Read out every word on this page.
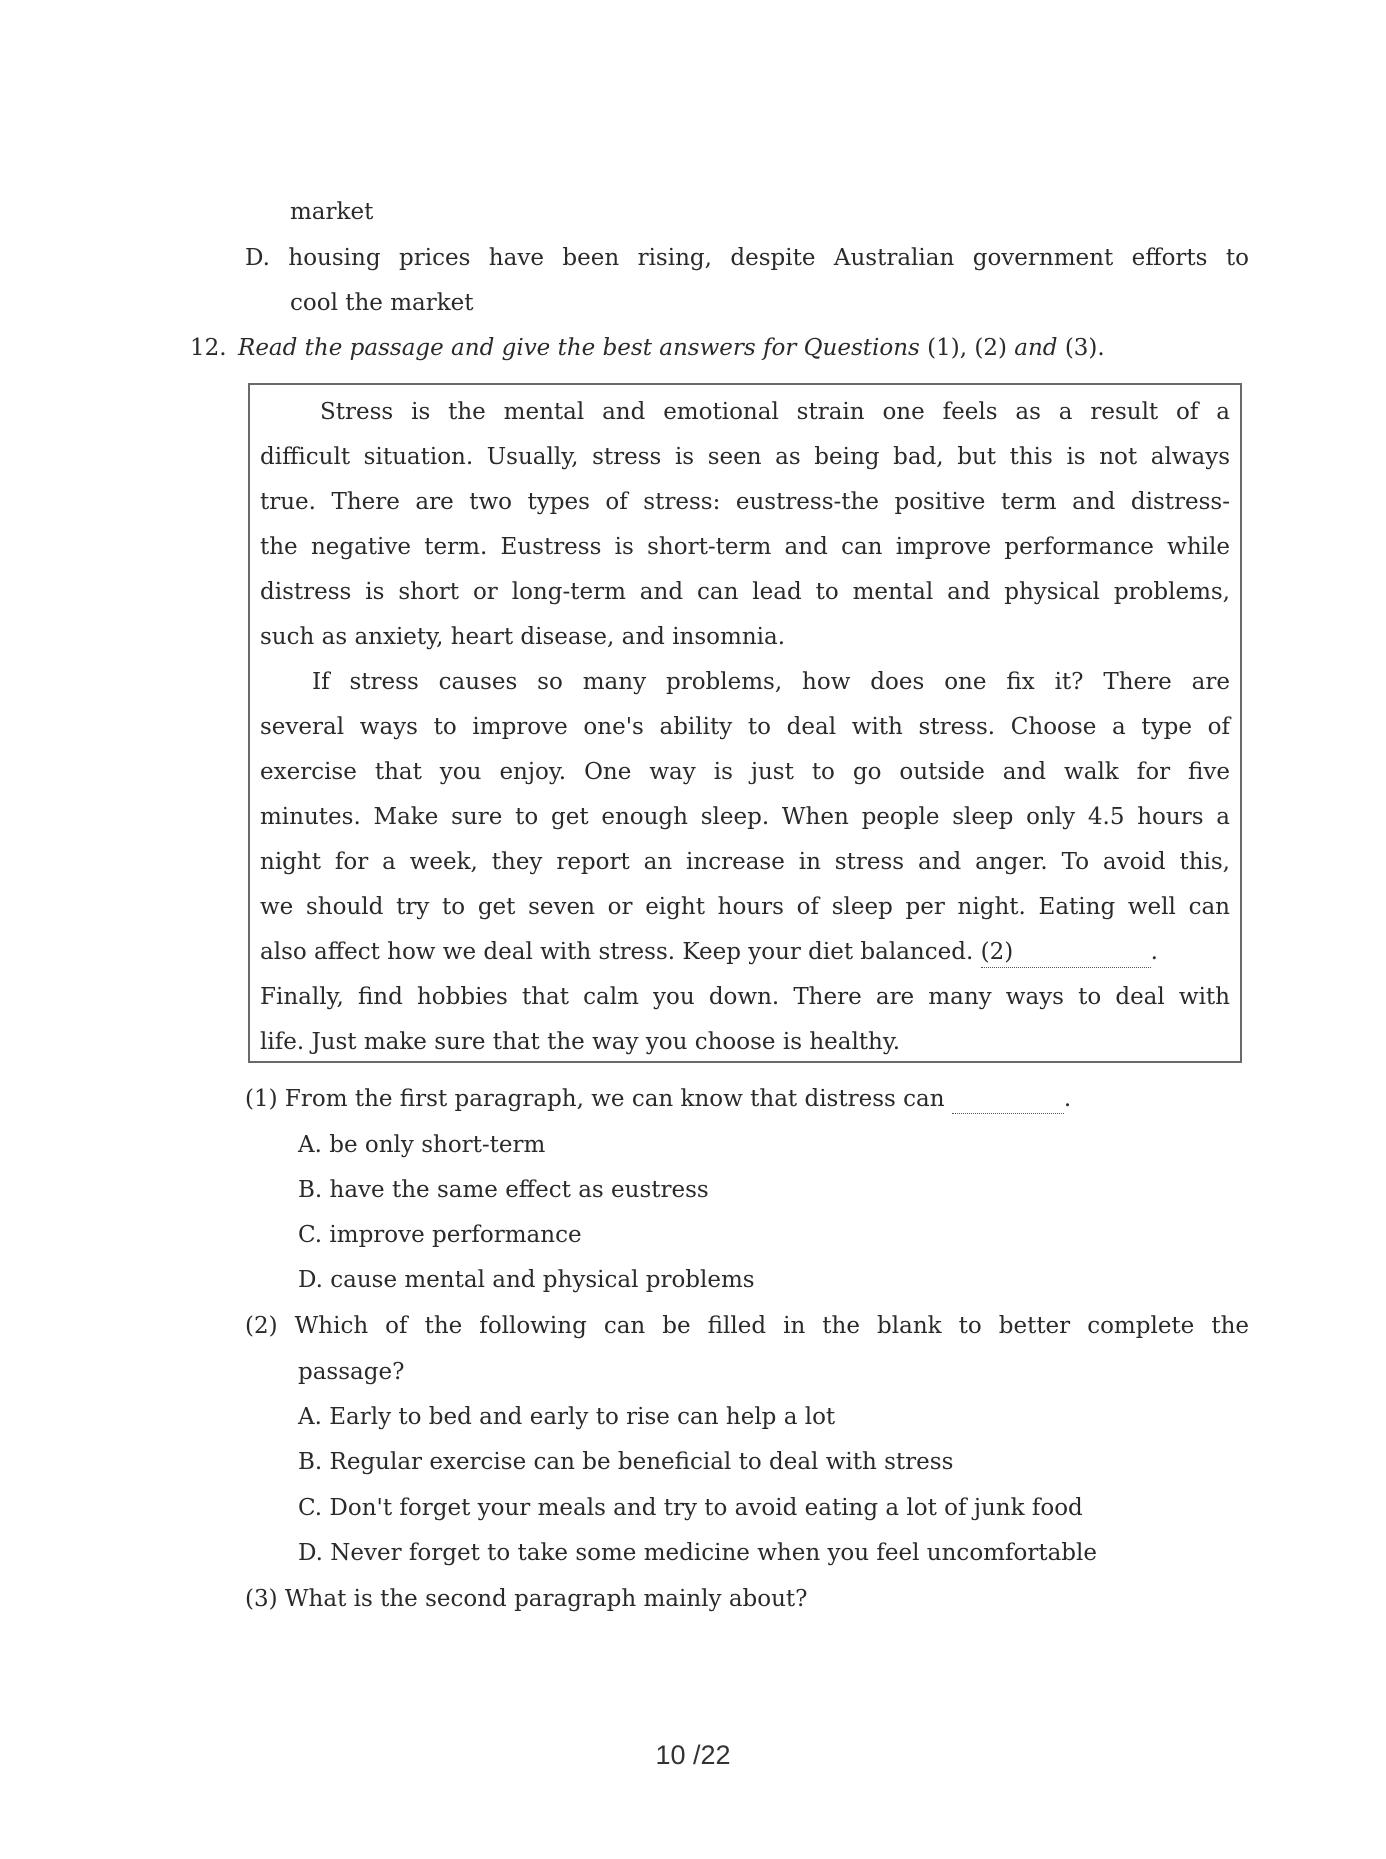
market
D. housing prices have been rising, despite Australian government efforts to
cool the market
12. Read the passage and give the best answers for Questions (1), (2) and (3).
Stress is the mental and emotional strain one feels as a result of a
difficult situation. Usually, stress is seen as being bad, but this is not always
true. There are two types of stress: eustress-the positive term and distress-
the negative term. Eustress is short-term and can improve performance while
distress is short or long-term and can lead to mental and physical problems,
such as anxiety, heart disease, and insomnia.
If stress causes so many problems, how does one fix it? There are
several ways to improve one's ability to deal with stress. Choose a type of
exercise that you enjoy. One way is just to go outside and walk for five
minutes. Make sure to get enough sleep. When people sleep only 4.5 hours a
night for a week, they report an increase in stress and anger. To avoid this,
we should try to get seven or eight hours of sleep per night. Eating well can
also affect how we deal with stress. Keep your diet balanced. (2)	.
Finally, find hobbies that calm you down. There are many ways to deal with
life. Just make sure that the way you choose is healthy.
(1) From the first paragraph, we can know that distress can	.
A. be only short-term
B. have the same effect as eustress
C. improve performance
D. cause mental and physical problems
(2) Which of the following can be filled in the blank to better complete the
passage?
A. Early to bed and early to rise can help a lot
B. Regular exercise can be beneficial to deal with stress
C. Don't forget your meals and try to avoid eating a lot of junk food
D. Never forget to take some medicine when you feel uncomfortable
(3) What is the second paragraph mainly about?
10 /22
